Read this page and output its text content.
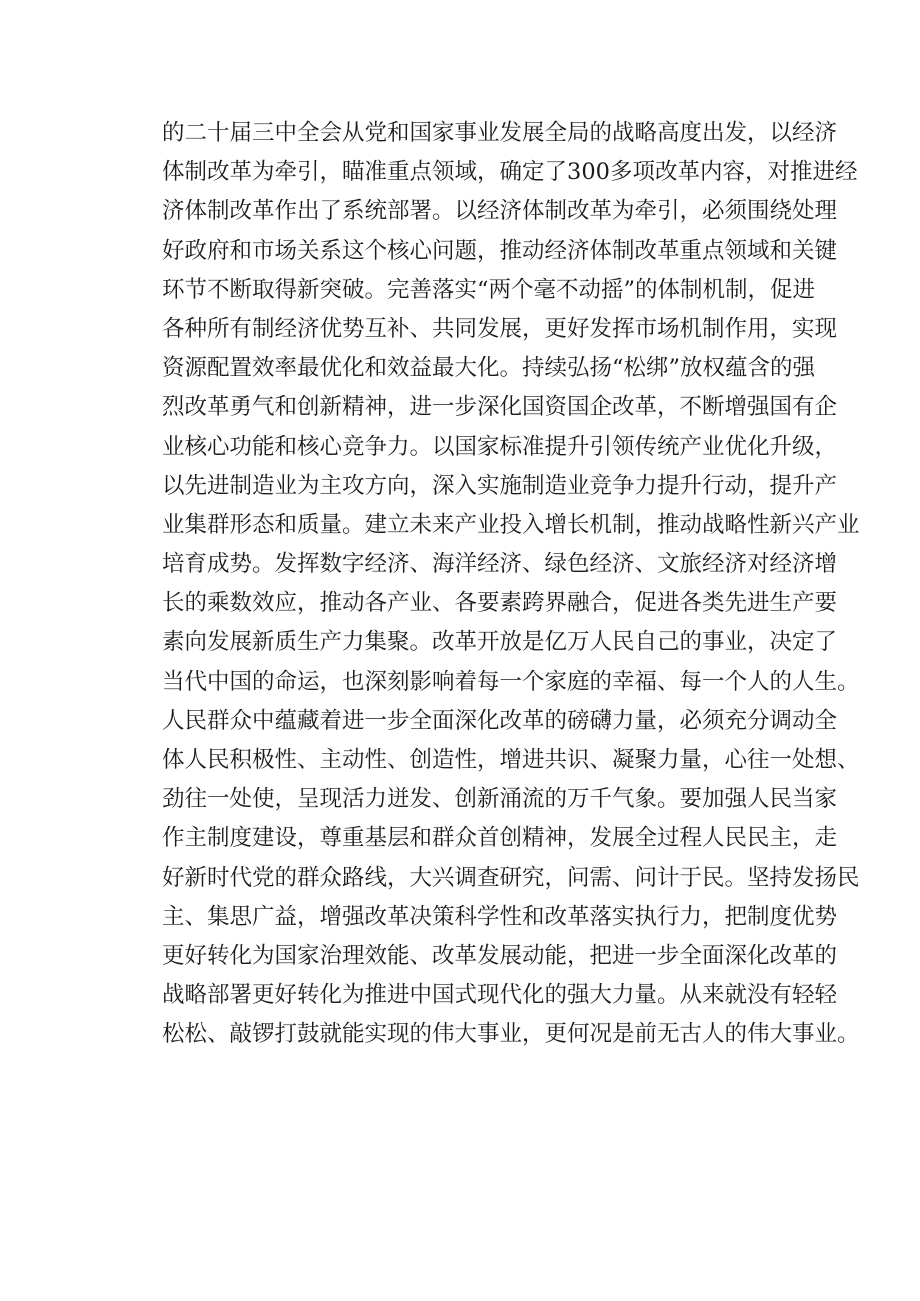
的二十届三中全会从党和国家事业发展全局的战略高度出发，以经济
体制改革为牵引，瞄准重点领域，确定了300多项改革内容，对推进经
济体制改革作出了系统部署。以经济体制改革为牵引，必须围绕处理
好政府和市场关系这个核心问题，推动经济体制改革重点领域和关键
环节不断取得新突破。完善落实“两个毫不动摇”的体制机制，促进
各种所有制经济优势互补、共同发展，更好发挥市场机制作用，实现
资源配置效率最优化和效益最大化。持续弘扬“松绑”放权蕴含的强
烈改革勇气和创新精神，进一步深化国资国企改革，不断增强国有企
业核心功能和核心竞争力。以国家标准提升引领传统产业优化升级，
以先进制造业为主攻方向，深入实施制造业竞争力提升行动，提升产
业集群形态和质量。建立未来产业投入增长机制，推动战略性新兴产业
培育成势。发挥数字经济、海洋经济、绿色经济、文旅经济对经济增
长的乘数效应，推动各产业、各要素跨界融合，促进各类先进生产要
素向发展新质生产力集聚。改革开放是亿万人民自己的事业，决定了
当代中国的命运，也深刻影响着每一个家庭的幸福、每一个人的人生。
人民群众中蕴藏着进一步全面深化改革的磅礴力量，必须充分调动全
体人民积极性、主动性、创造性，增进共识、凝聚力量，心往一处想、
劲往一处使，呈现活力迸发、创新涌流的万千气象。要加强人民当家
作主制度建设，尊重基层和群众首创精神，发展全过程人民民主，走
好新时代党的群众路线，大兴调查研究，问需、问计于民。坚持发扬民
主、集思广益，增强改革决策科学性和改革落实执行力，把制度优势
更好转化为国家治理效能、改革发展动能，把进一步全面深化改革的
战略部署更好转化为推进中国式现代化的强大力量。从来就没有轻轻
松松、敲锣打鼓就能实现的伟大事业，更何况是前无古人的伟大事业。
